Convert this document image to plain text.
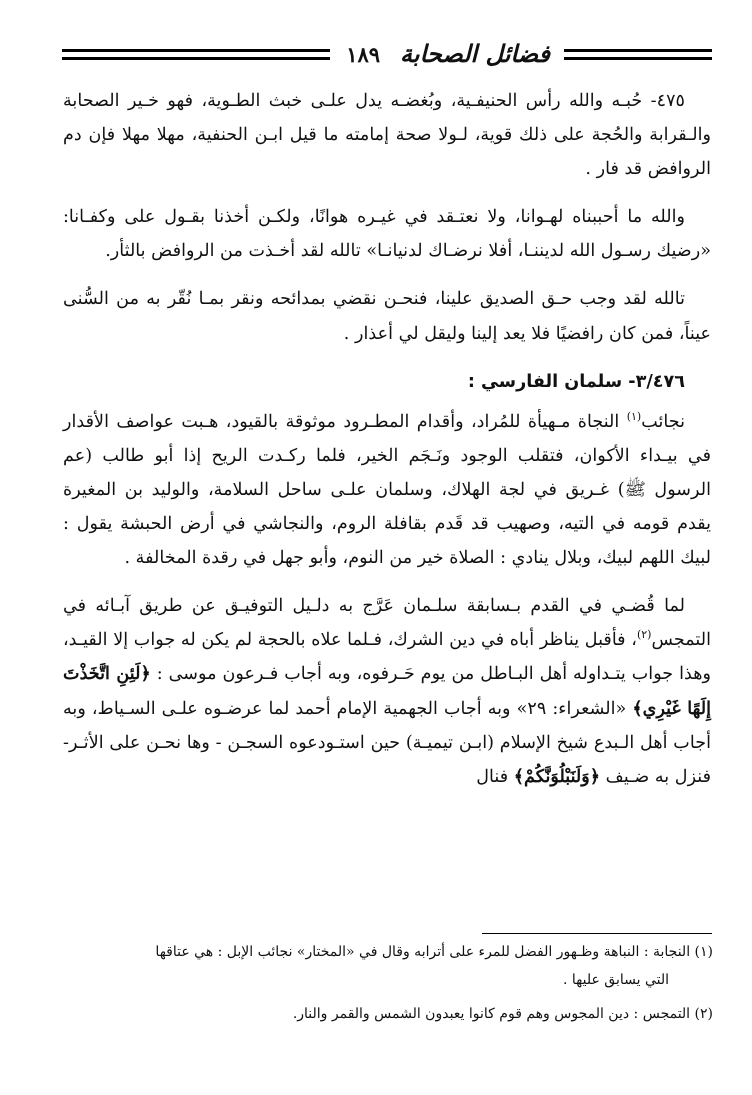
فضائل الصحابة
١٨٩

٤٧٥- حُبـه والله رأس الحنيفـية، وبُغضـه يدل علـى خبث الطـوية، فهو خـير الصحابة والـقرابة والحُجة على ذلك قوية، لـولا صحة إمامته ما قيل ابـن الحنفية، مهلا مهلا فإن دم الروافض قد فار .

والله ما أحببناه لهـوانا، ولا نعتـقد في غيـره هوانًا، ولكـن أخذنا بقـول على وكفـانا: «رضيك رسـول الله لديننـا، أفلا نرضـاك لدنيانـا» تالله لقد أخـذت من الروافض بالثأر.

تالله لقد وجب حـق الصديق علينا، فنحـن نقضي بمدائحه ونقر بمـا نُقّر به من السُّنى عيناً، فمن كان رافضيًا فلا يعد إلينا وليقل لي أعذار .

٣/٤٧٦- سلمان الفارسي :

نجائب$^{(١)}$ النجاة مـهيأة للمُراد، وأقدام المطـرود موثوقة بالقيود، هـبت عواصف الأقدار في بيـداء الأكوان، فتقلب الوجود ونَـجَم الخير، فلما ركـدت الريح إذا أبو طالب (عم الرسول ﷺ) غـريق في لجة الهلاك، وسلمان علـى ساحل السلامة، والوليد بن المغيرة يقدم قومه في التيه، وصهيب قد قَدم بقافلة الروم، والنجاشي في أرض الحبشة يقول : لبيك اللهم لبيك، وبلال ينادي : الصلاة خير من النوم، وأبو جهل في رقدة المخالفة .

لما قُضـي في القدم بـسابقة سلـمان عَرَّج به دلـيل التوفيـق عن طريق آبـائه في التمجس$^{(٢)}$، فأقبل يناظر أباه في دين الشرك، فـلما علاه بالحجة لم يكن له جواب إلا القيـد، وهذا جواب يتـداوله أهل البـاطل من يوم حَـرفوه، وبه أجاب فـرعون موسى : ﴿لَئِنِ اتَّخَذْتَ إِلَهًا غَيْرِي﴾ «الشعراء: ٢٩» وبه أجاب الجهمية الإمام أحمد لما عرضـوه علـى السـياط، وبه أجاب أهل الـبدع شيخ الإسلام (ابـن تيميـة) حين استـودعوه السجـن - وها نحـن على الأثـر- فنزل به ضـيف ﴿وَلَنَبْلُوَنَّكُمْ﴾ فنال

(١) النجابة : النباهة وظـهور الفضل للمرء على أترابه وقال في «المختار» نجائب الإبل : هي عتاقها

التي يسابق عليها .

(٢) التمجس : دين المجوس وهم قوم كانوا يعبدون الشمس والقمر والنار.
